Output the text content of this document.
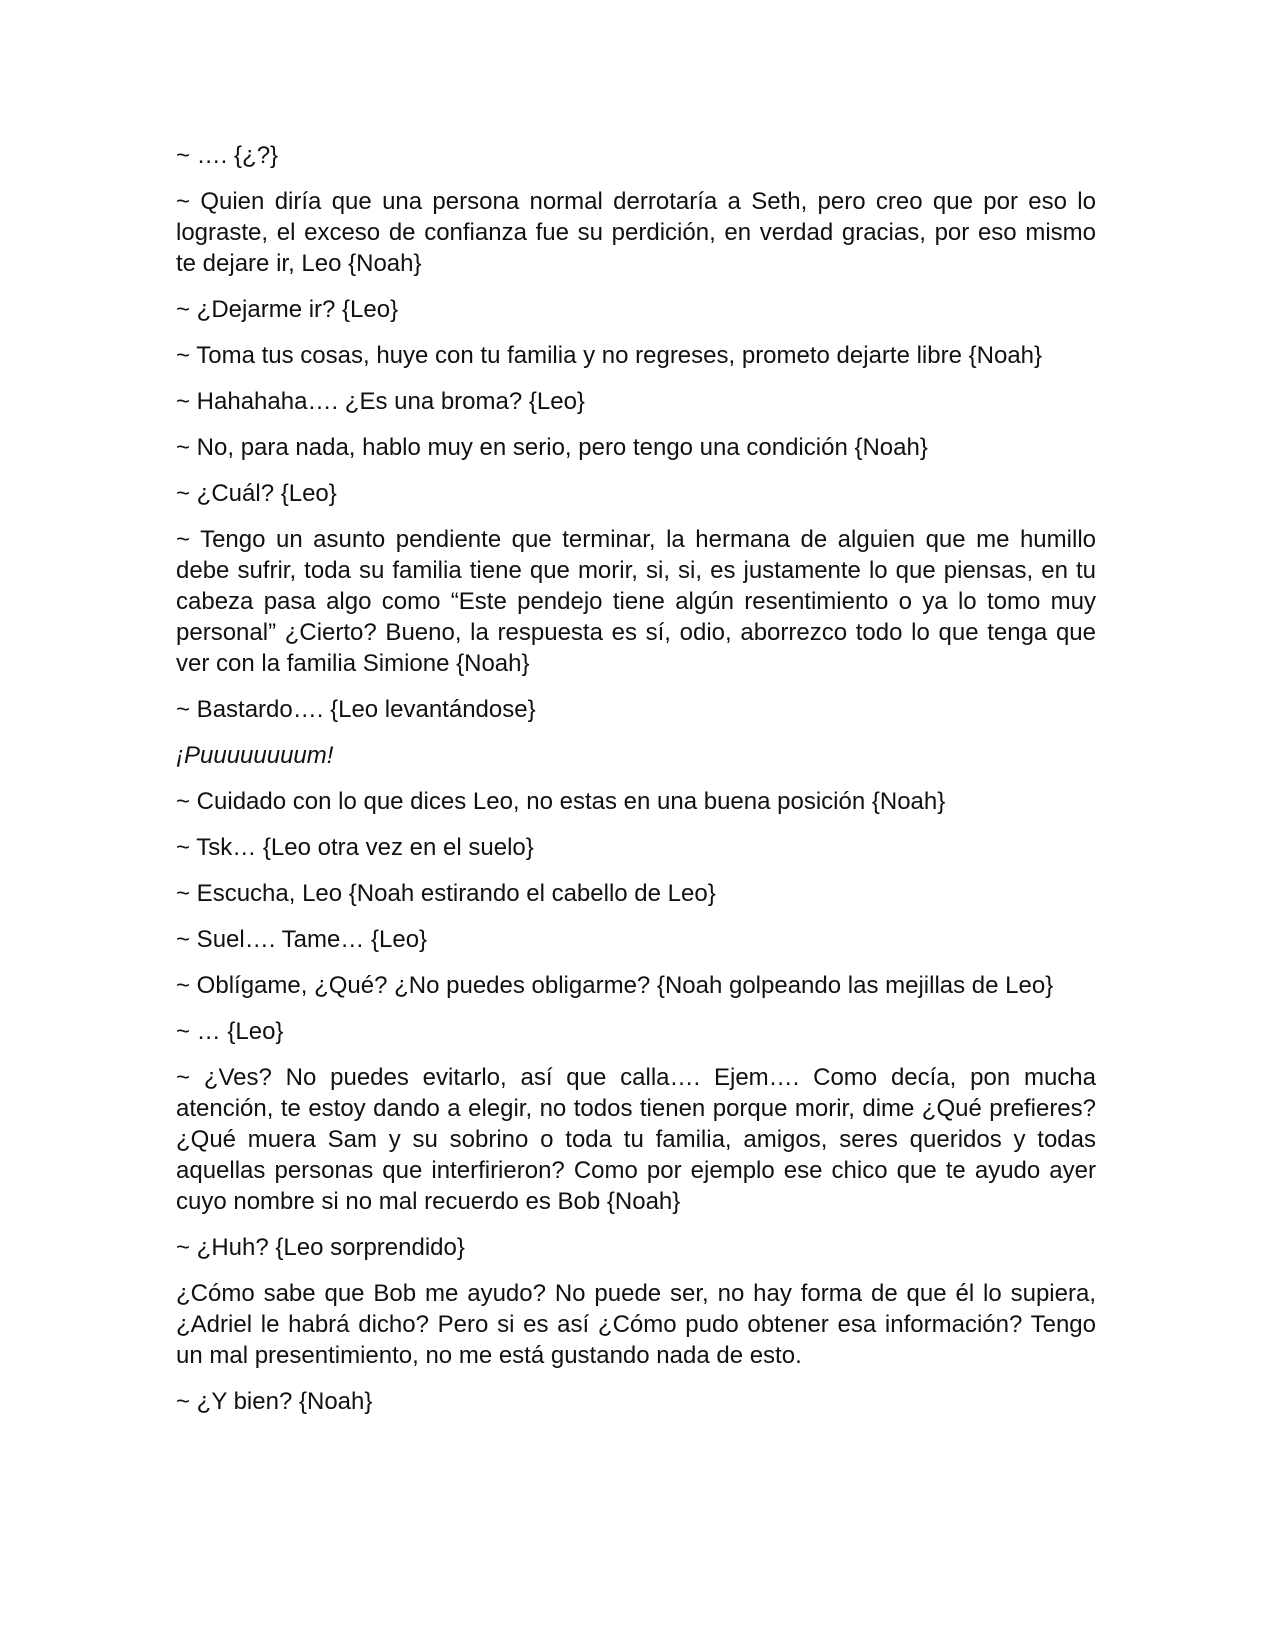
~ …. {¿?}

~ Quien diría que una persona normal derrotaría a Seth, pero creo que por eso lo lograste, el exceso de confianza fue su perdición, en verdad gracias, por eso mismo te dejare ir, Leo {Noah}

~ ¿Dejarme ir? {Leo}

~ Toma tus cosas, huye con tu familia y no regreses, prometo dejarte libre {Noah}

~ Hahahaha…. ¿Es una broma? {Leo}

~ No, para nada, hablo muy en serio, pero tengo una condición {Noah}

~ ¿Cuál? {Leo}

~ Tengo un asunto pendiente que terminar, la hermana de alguien que me humillo debe sufrir, toda su familia tiene que morir, si, si, es justamente lo que piensas, en tu cabeza pasa algo como “Este pendejo tiene algún resentimiento o ya lo tomo muy personal” ¿Cierto? Bueno, la respuesta es sí, odio, aborrezco todo lo que tenga que ver con la familia Simione {Noah}

~ Bastardo…. {Leo levantándose}

¡Puuuuuuuum!

~ Cuidado con lo que dices Leo, no estas en una buena posición {Noah}

~ Tsk… {Leo otra vez en el suelo}

~ Escucha, Leo {Noah estirando el cabello de Leo}

~ Suel…. Tame… {Leo}

~ Oblígame, ¿Qué? ¿No puedes obligarme? {Noah golpeando las mejillas de Leo}

~ … {Leo}

~ ¿Ves? No puedes evitarlo, así que calla…. Ejem…. Como decía, pon mucha atención, te estoy dando a elegir, no todos tienen porque morir, dime ¿Qué prefieres? ¿Qué muera Sam y su sobrino o toda tu familia, amigos, seres queridos y todas aquellas personas que interfirieron? Como por ejemplo ese chico que te ayudo ayer cuyo nombre si no mal recuerdo es Bob {Noah}

~ ¿Huh? {Leo sorprendido}

¿Cómo sabe que Bob me ayudo? No puede ser, no hay forma de que él lo supiera, ¿Adriel le habrá dicho? Pero si es así ¿Cómo pudo obtener esa información? Tengo un mal presentimiento, no me está gustando nada de esto.

~ ¿Y bien? {Noah}
